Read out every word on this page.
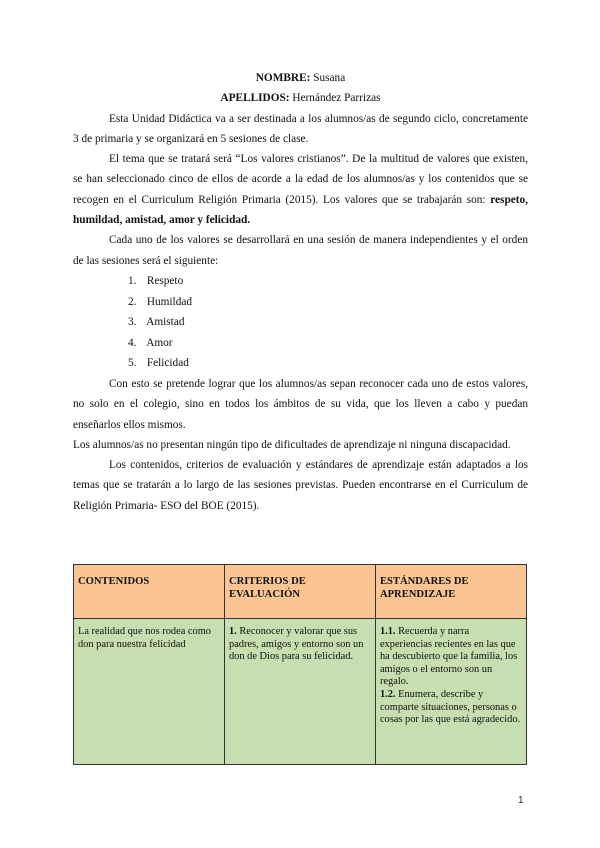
NOMBRE: Susana
APELLIDOS: Hernández Parrizas

Esta Unidad Didáctica va a ser destinada a los alumnos/as de segundo ciclo, concretamente 3 de primaria y se organizará en 5 sesiones de clase.

El tema que se tratará será “Los valores cristianos”. De la multitud de valores que existen, se han seleccionado cinco de ellos de acorde a la edad de los alumnos/as y los contenidos que se recogen en el Curriculum Religión Primaria (2015). Los valores que se trabajarán son: respeto, humildad, amistad, amor y felicidad.

Cada uno de los valores se desarrollará en una sesión de manera independientes y el orden de las sesiones será el siguiente:

1. Respeto
2. Humildad
3. Amistad
4. Amor
5. Felicidad

Con esto se pretende lograr que los alumnos/as sepan reconocer cada uno de estos valores, no solo en el colegio, sino en todos los ámbitos de su vida, que los lleven a cabo y puedan enseñarlos ellos mismos.

Los alumnos/as no presentan ningún tipo de dificultades de aprendizaje ni ninguna discapacidad.

Los contenidos, criterios de evaluación y estándares de aprendizaje están adaptados a los temas que se tratarán a lo largo de las sesiones previstas. Pueden encontrarse en el Curriculum de Religión Primaria- ESO del BOE (2015).

CONTENIDOS	CRITERIOS DE EVALUACIÓN	ESTÁNDARES DE APRENDIZAJE
La realidad que nos rodea como don para nuestra felicidad	1. Reconocer y valorar que sus padres, amigos y entorno son un don de Dios para su felicidad.	1.1. Recuerda y narra experiencias recientes en las que ha descubierto que la familia, los amigos o el entorno son un regalo.
1.2. Enumera, describe y comparte situaciones, personas o cosas por las que está agradecido.
1
